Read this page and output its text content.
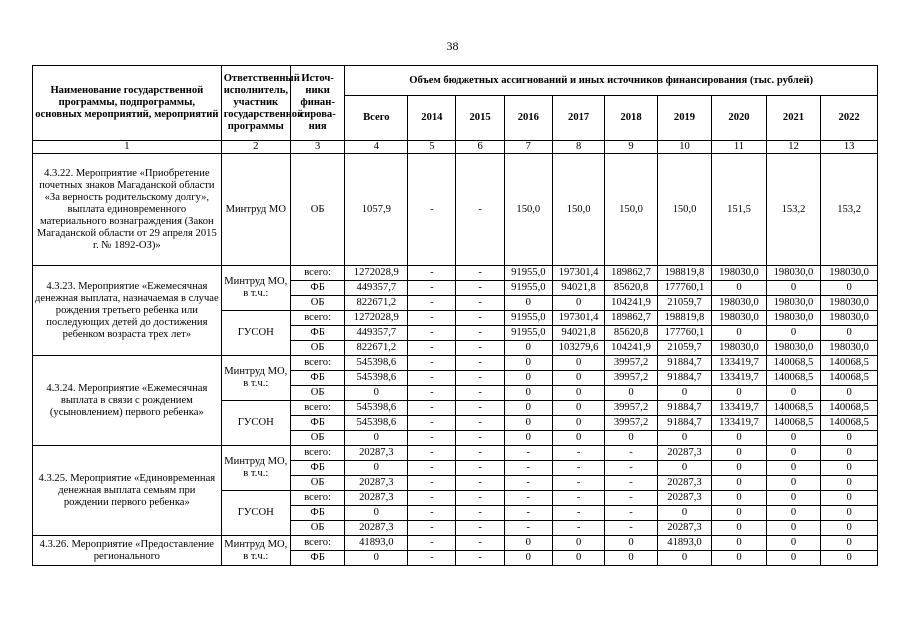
38
Наименование государственной программы, подпрограммы, основных мероприятий, мероприятий	Ответственный исполнитель, участник государственной программы	Источ-ники финан-сирова-ния	Объем бюджетных ассигнований и иных источников финансирования (тыс. рублей)									
			Всего	2014	2015	2016	2017	2018	2019	2020	2021	2022
1	2	3	4	5	6	7	8	9	10	11	12	13
4.3.22. Мероприятие «Приобретение почетных знаков Магаданской области «За верность родительскому долгу», выплата единовременного материального вознаграждения (Закон Магаданской области от 29 апреля 2015 г. № 1892-ОЗ)»	Минтруд МО	ОБ	1057,9	-	-	150,0	150,0	150,0	150,0	151,5	153,2	153,2
4.3.23. Мероприятие «Ежемесячная денежная выплата, назначаемая в случае рождения третьего ребенка или последующих детей до достижения ребенком возраста трех лет»	Минтруд МО, в т.ч.:	всего:	1272028,9	-	-	91955,0	197301,4	189862,7	198819,8	198030,0	198030,0	198030,0
		ФБ	449357,7	-	-	91955,0	94021,8	85620,8	177760,1	0	0	0
		ОБ	822671,2	-	-	0	0	104241,9	21059,7	198030,0	198030,0	198030,0
	ГУСОН	всего:	1272028,9	-	-	91955,0	197301,4	189862,7	198819,8	198030,0	198030,0	198030,0
		ФБ	449357,7	-	-	91955,0	94021,8	85620,8	177760,1	0	0	0
		ОБ	822671,2	-	-	0	103279,6	104241,9	21059,7	198030,0	198030,0	198030,0
4.3.24. Мероприятие «Ежемесячная выплата в связи с рождением (усыновлением) первого ребенка»	Минтруд МО, в т.ч.:	всего:	545398,6	-	-	0	0	39957,2	91884,7	133419,7	140068,5	140068,5
		ФБ	545398,6	-	-	0	0	39957,2	91884,7	133419,7	140068,5	140068,5
		ОБ	0	-	-	0	0	0	0	0	0	0
	ГУСОН	всего:	545398,6	-	-	0	0	39957,2	91884,7	133419,7	140068,5	140068,5
		ФБ	545398,6	-	-	0	0	39957,2	91884,7	133419,7	140068,5	140068,5
		ОБ	0	-	-	0	0	0	0	0	0	0
4.3.25. Мероприятие «Единовременная денежная выплата семьям при рождении первого ребенка»	Минтруд МО, в т.ч.:	всего:	20287,3	-	-	-	-	-	20287,3	0	0	0
		ФБ	0	-	-	-	-	-	0	0	0	0
		ОБ	20287,3	-	-	-	-	-	20287,3	0	0	0
	ГУСОН	всего:	20287,3	-	-	-	-	-	20287,3	0	0	0
		ФБ	0	-	-	-	-	-	0	0	0	0
		ОБ	20287,3	-	-	-	-	-	20287,3	0	0	0
4.3.26. Мероприятие «Предоставление регионального	Минтруд МО, в т.ч.:	всего:	41893,0	-	-	0	0	0	41893,0	0	0	0
		ФБ	0	-	-	0	0	0	0	0	0	0
